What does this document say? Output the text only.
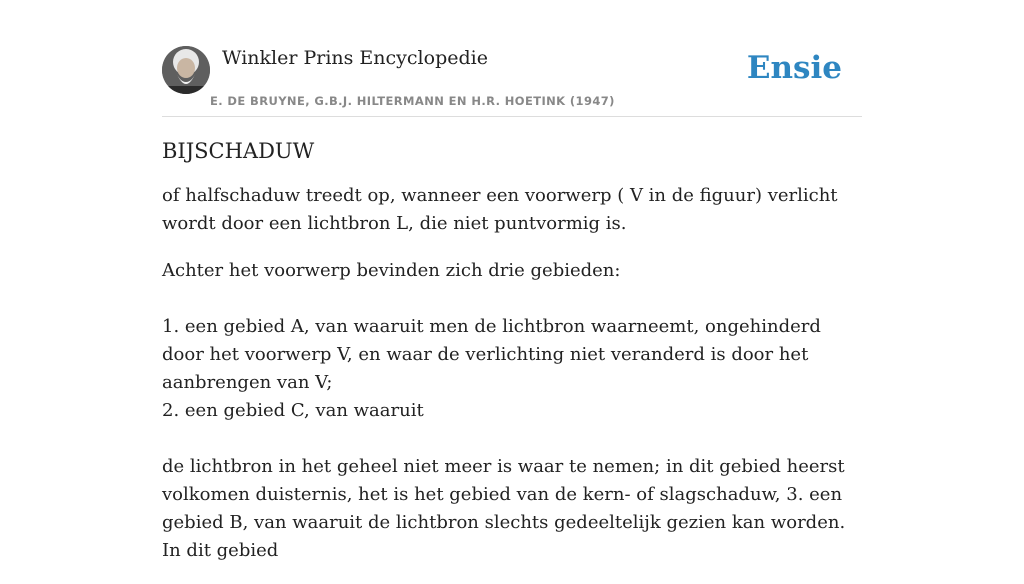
Winkler Prins Encyclopedie
E. DE BRUYNE, G.B.J. HILTERMANN EN H.R. HOETINK (1947)
Ensie
BIJSCHADUW

of halfschaduw treedt op, wanneer een voorwerp ( V in de figuur) verlicht wordt door een lichtbron L, die niet puntvormig is.

Achter het voorwerp bevinden zich drie gebieden:

1. een gebied A, van waaruit men de lichtbron waarneemt, ongehinderd door het voorwerp V, en waar de verlichting niet veranderd is door het aanbrengen van V;
2. een gebied C, van waaruit

de lichtbron in het geheel niet meer is waar te nemen; in dit gebied heerst volkomen duisternis, het is het gebied van de kern- of slagschaduw, 3. een gebied B, van waaruit de lichtbron slechts gedeeltelijk gezien kan worden. In dit gebied
